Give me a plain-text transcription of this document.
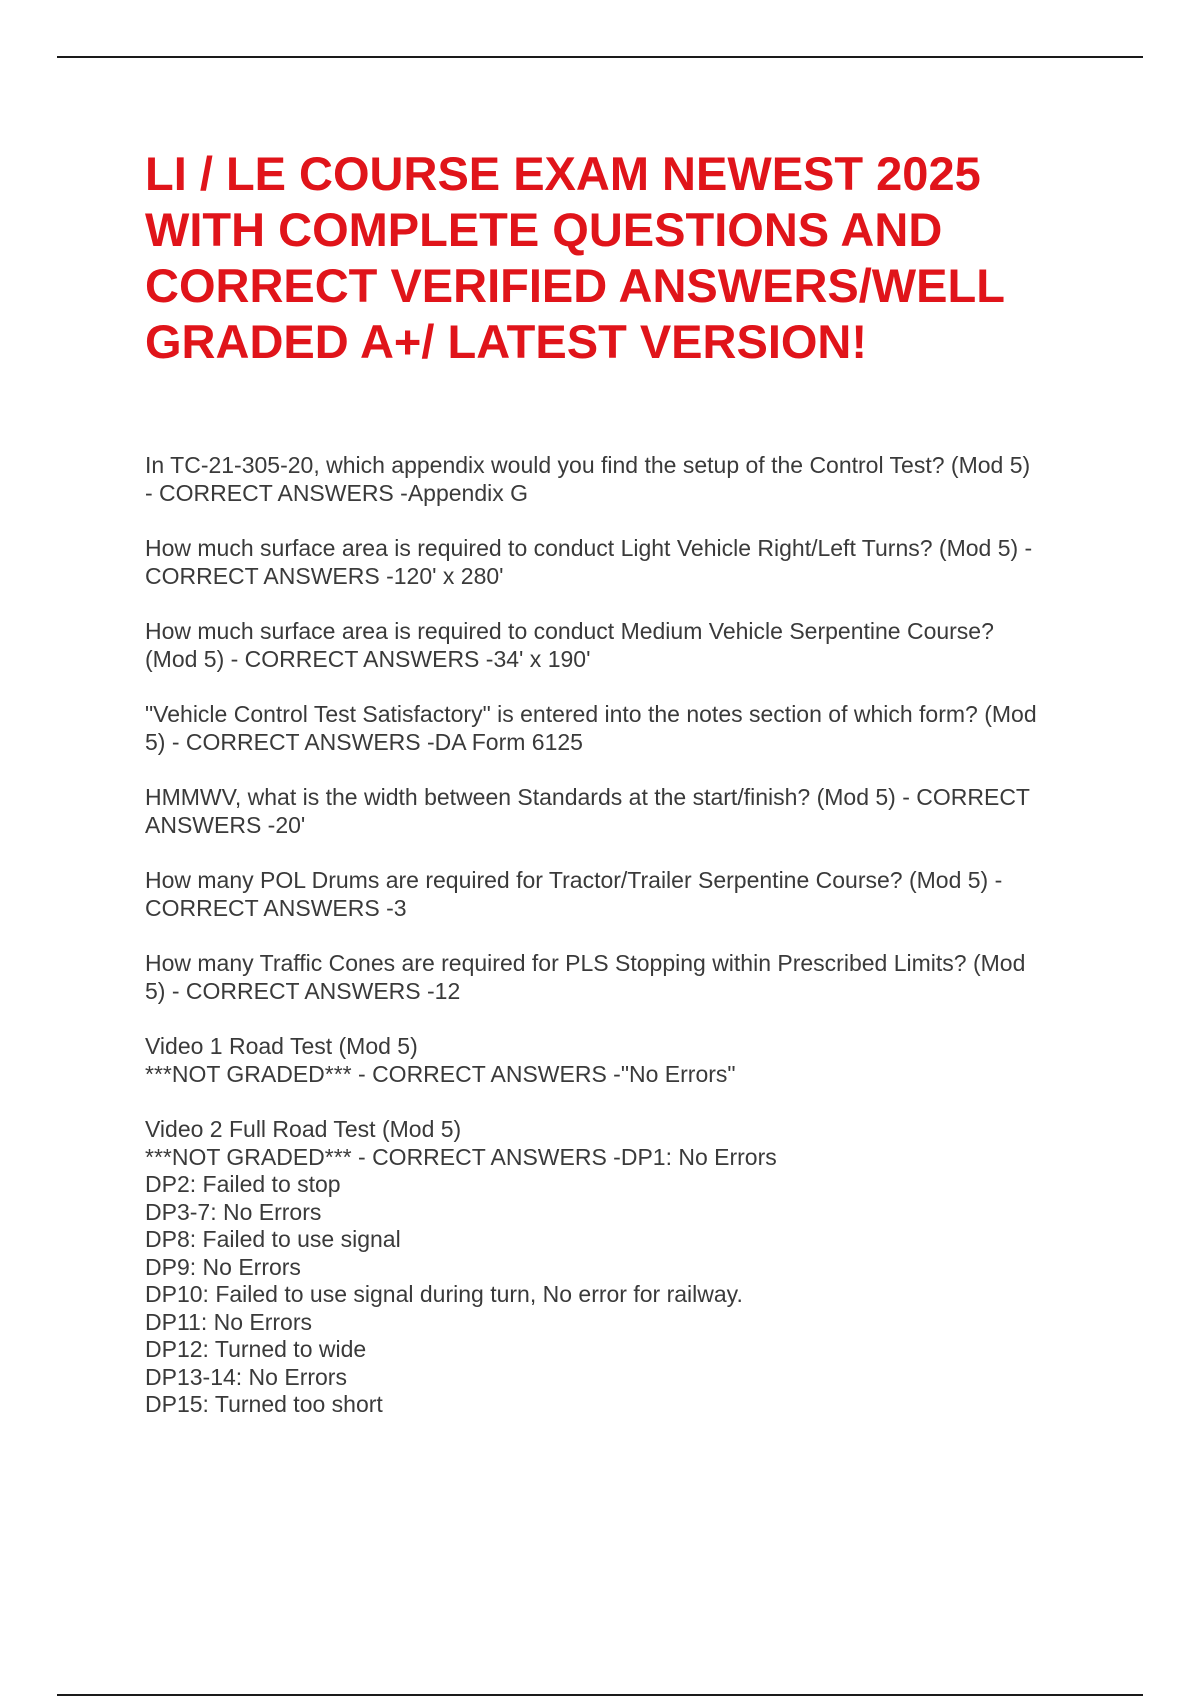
LI / LE COURSE EXAM NEWEST 2025
WITH COMPLETE QUESTIONS AND
CORRECT VERIFIED ANSWERS/WELL
GRADED A+/ LATEST VERSION!
In TC-21-305-20, which appendix would you find the setup of the Control Test? (Mod 5)
- CORRECT ANSWERS -Appendix G
How much surface area is required to conduct Light Vehicle Right/Left Turns? (Mod 5) -
CORRECT ANSWERS -120' x 280'
How much surface area is required to conduct Medium Vehicle Serpentine Course?
(Mod 5) - CORRECT ANSWERS -34' x 190'
"Vehicle Control Test Satisfactory" is entered into the notes section of which form? (Mod
5) - CORRECT ANSWERS -DA Form 6125
HMMWV, what is the width between Standards at the start/finish? (Mod 5) - CORRECT
ANSWERS -20'
How many POL Drums are required for Tractor/Trailer Serpentine Course? (Mod 5) -
CORRECT ANSWERS -3
How many Traffic Cones are required for PLS Stopping within Prescribed Limits? (Mod
5) - CORRECT ANSWERS -12
Video 1 Road Test (Mod 5)
***NOT GRADED*** - CORRECT ANSWERS -"No Errors"
Video 2 Full Road Test (Mod 5)
***NOT GRADED*** - CORRECT ANSWERS -DP1: No Errors
DP2: Failed to stop
DP3-7: No Errors
DP8: Failed to use signal
DP9: No Errors
DP10: Failed to use signal during turn, No error for railway.
DP11: No Errors
DP12: Turned to wide
DP13-14: No Errors
DP15: Turned too short
